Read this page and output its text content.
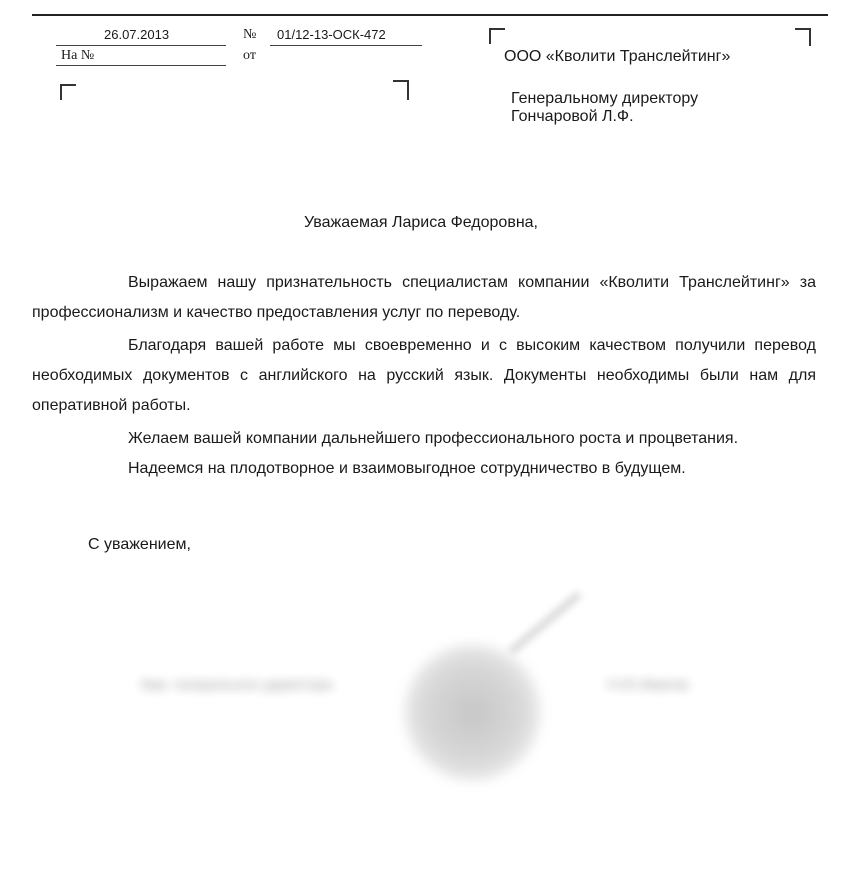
26.07.2013	№ 01/12-13-ОСК-472
На №	от	ООО «Кволити Транслейтинг»
Генеральному директору
Гончаровой Л.Ф.
Уважаемая Лариса Федоровна,
Выражаем нашу признательность специалистам компании «Кволити Транслейтинг» за профессионализм и качество предоставления услуг по переводу.
Благодаря вашей работе мы своевременно и с высоким качеством получили перевод необходимых документов с английского на русский язык. Документы необходимы были нам для оперативной работы.
Желаем вашей компании дальнейшего профессионального роста и процветания.
Надеемся на плодотворное и взаимовыгодное сотрудничество в будущем.
С уважением,
Зам. генерального директора	Н.Ю.Иванов
